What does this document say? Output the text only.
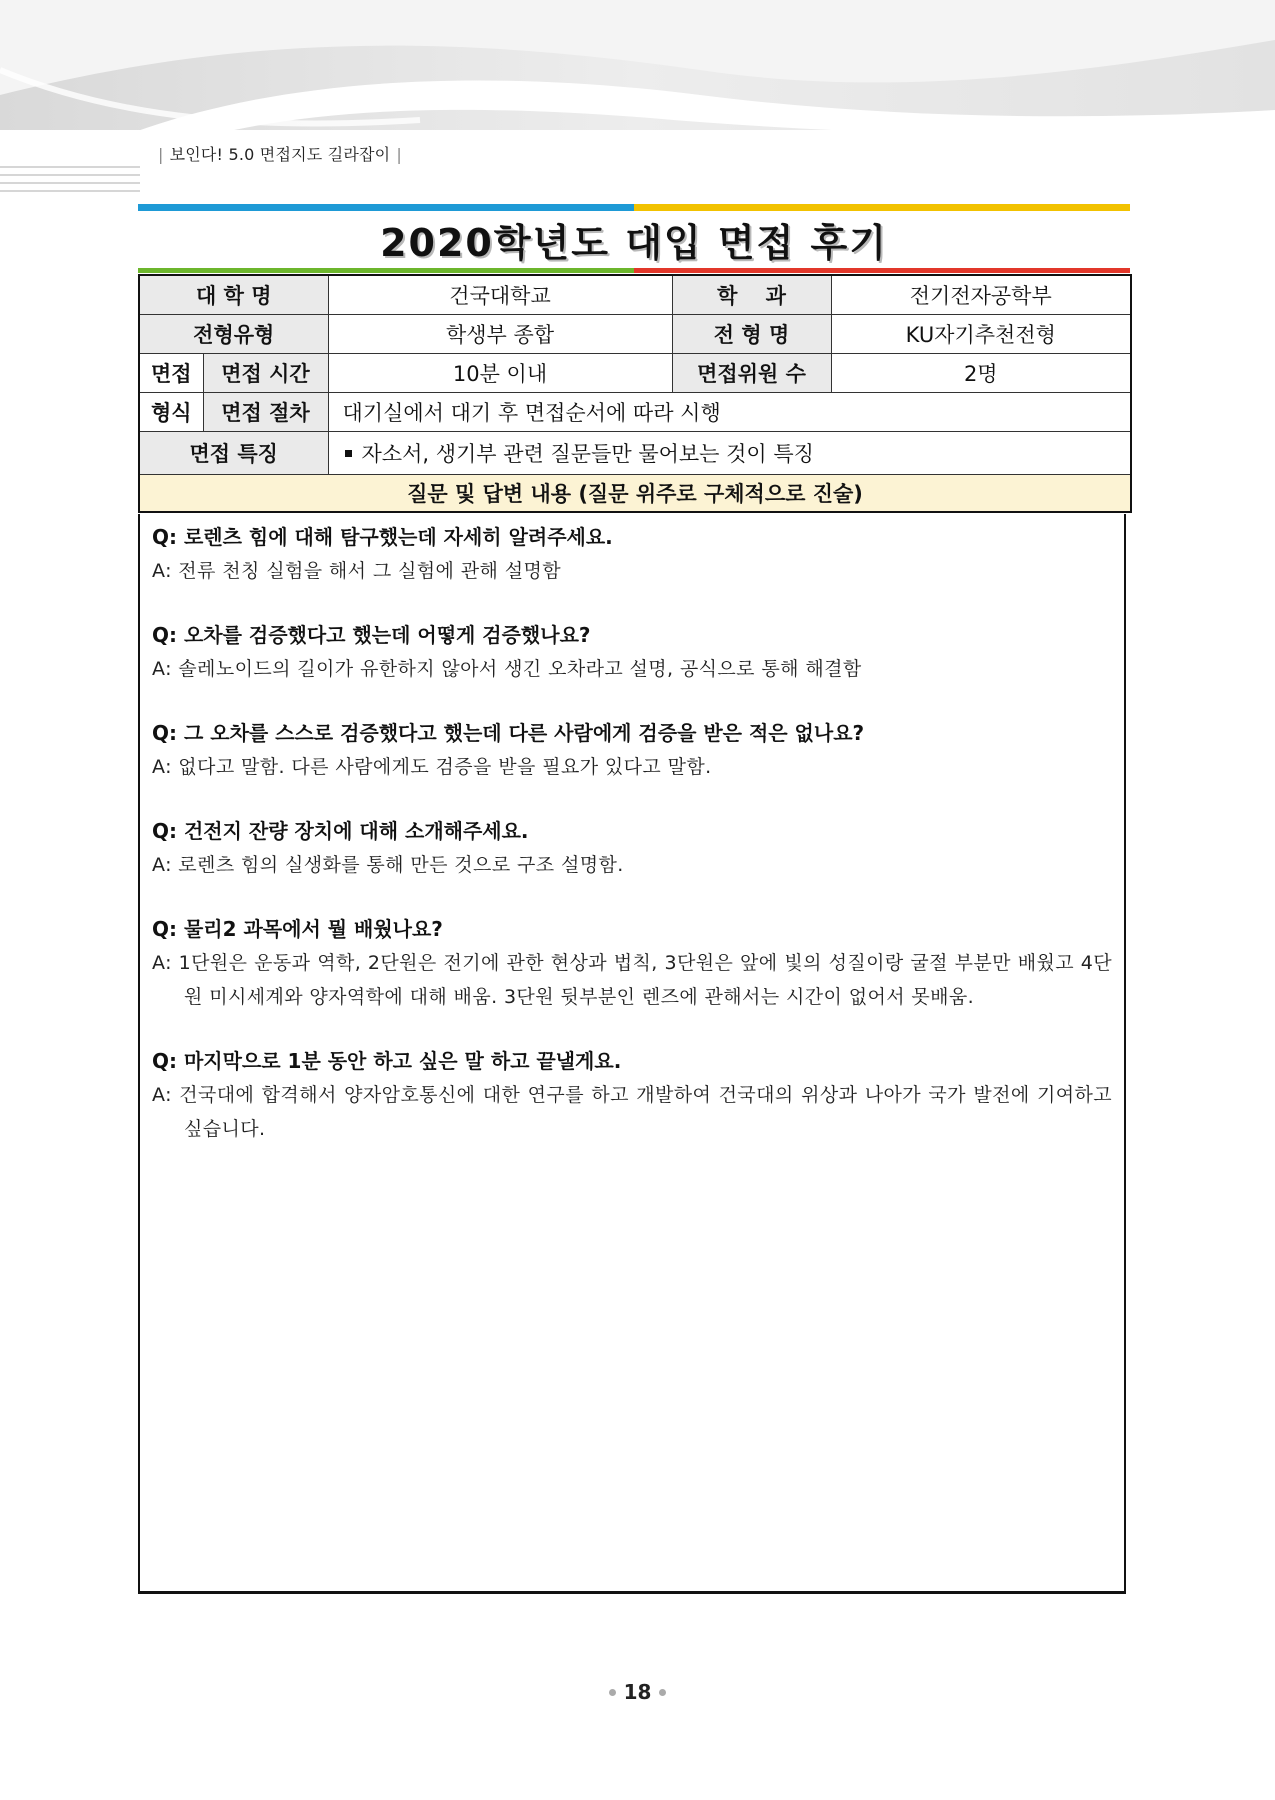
| 보인다! 5.0 면접지도 길라잡이 |
2020학년도 대입 면접 후기
대 학 명		건국대학교	학　 과	전기전자공학부
전형유형		학생부 종합	전 형 명	KU자기추천전형
면접	면접 시간	10분 이내	면접위원 수	2명
형식	면접 절차	대기실에서 대기 후 면접순서에 따라 시행		
면접 특징		자소서, 생기부 관련 질문들만 물어보는 것이 특징		
질문 및 답변 내용 (질문 위주로 구체적으로 진술)				
Q: 로렌츠 힘에 대해 탐구했는데 자세히 알려주세요.
A: 전류 천칭 실험을 해서 그 실험에 관해 설명함
Q: 오차를 검증했다고 했는데 어떻게 검증했나요?
A: 솔레노이드의 길이가 유한하지 않아서 생긴 오차라고 설명, 공식으로 통해 해결함
Q: 그 오차를 스스로 검증했다고 했는데 다른 사람에게 검증을 받은 적은 없나요?
A: 없다고 말함. 다른 사람에게도 검증을 받을 필요가 있다고 말함.
Q: 건전지 잔량 장치에 대해 소개해주세요.
A: 로렌츠 힘의 실생화를 통해 만든 것으로 구조 설명함.
Q: 물리2 과목에서 뭘 배웠나요?
A: 1단원은 운동과 역학, 2단원은 전기에 관한 현상과 법칙, 3단원은 앞에 빛의 성질이랑 굴절 부분만 배웠고 4단원 미시세계와 양자역학에 대해 배움. 3단원 뒷부분인 렌즈에 관해서는 시간이 없어서 못배움.
Q: 마지막으로 1분 동안 하고 싶은 말 하고 끝낼게요.
A: 건국대에 합격해서 양자암호통신에 대한 연구를 하고 개발하여 건국대의 위상과 나아가 국가 발전에 기여하고 싶습니다.
18
